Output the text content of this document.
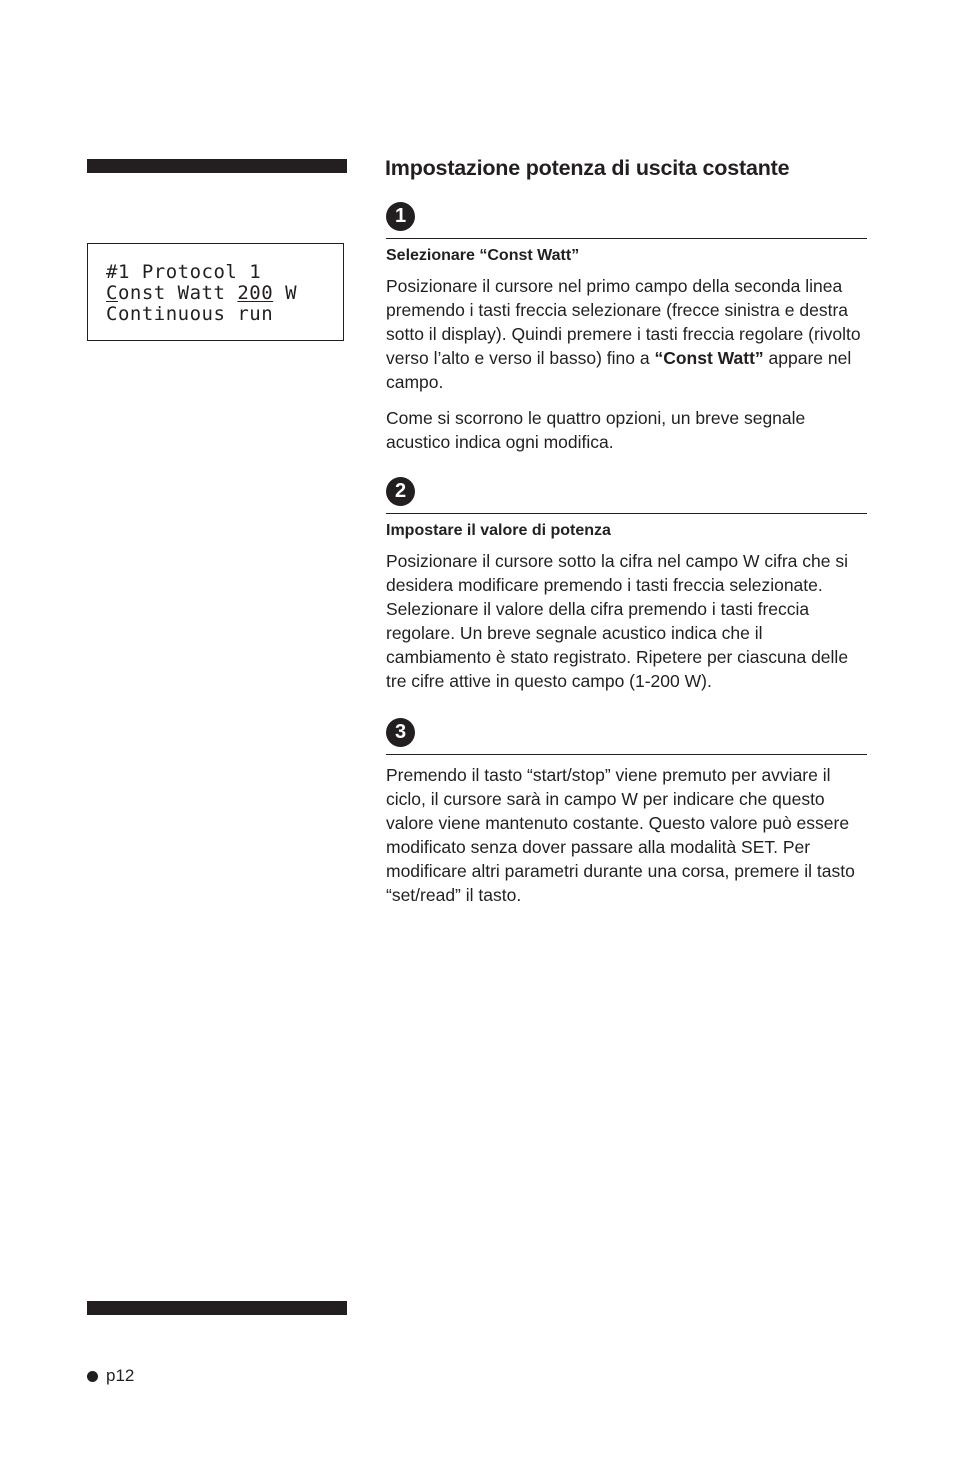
#1 Protocol 1
Const Watt 200 W
Continuous run
Impostazione potenza di uscita costante
1
Selezionare “Const Watt”
Posizionare il cursore nel primo campo della seconda linea premendo i tasti freccia selezionare (frecce sinistra e destra sotto il display). Quindi premere i tasti freccia regolare (rivolto verso l’alto e verso il basso) fino a “Const Watt” appare nel campo.
Come si scorrono le quattro opzioni, un breve segnale acustico indica ogni modifica.
2
Impostare il valore di potenza
Posizionare il cursore sotto la cifra nel campo W cifra che si desidera modificare premendo i tasti freccia selezionate. Selezionare il valore della cifra premendo i tasti freccia regolare. Un breve segnale acustico indica che il cambiamento è stato registrato. Ripetere per ciascuna delle tre cifre attive in questo campo (1-200 W).
3
Premendo il tasto “start/stop” viene premuto per avviare il ciclo, il cursore sarà in campo W per indicare che questo valore viene mantenuto costante. Questo valore può essere modificato senza dover passare alla modalità SET. Per modificare altri parametri durante una corsa, premere il tasto “set/read” il tasto.
p12
